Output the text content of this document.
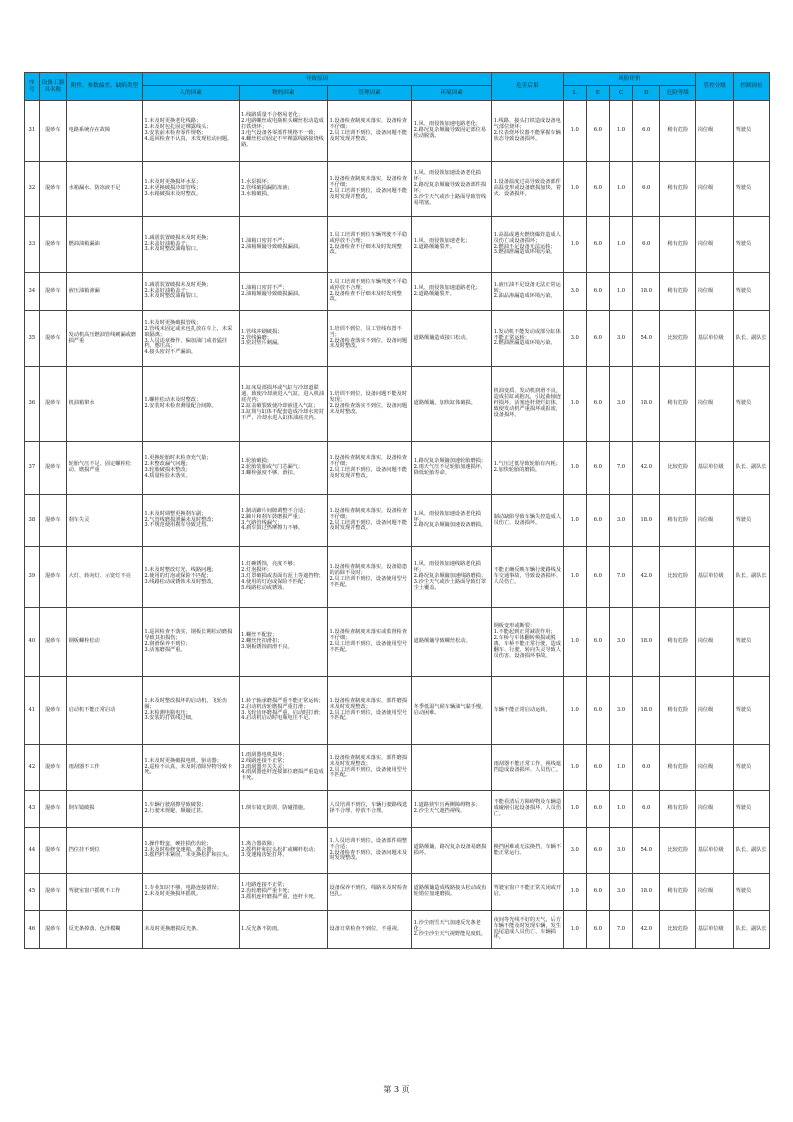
序号	设备工器具名称	附件、参数偏差、缺陷类型	导致原因				危害后果	风险评价					管控分级	控制岗位
			人的因素	物的因素	管理因素	环境因素		L	E	C	D	危险等级		

31	混砂车	电路系统存在故障	1.未及时更换老化线路；
2.未及时包扎固定裸露线头；
3.安装前未检查零件规格；
4.巡回检查不认真，未发现松动问题。	1.线路质量不合格易老化；
2.电路螺丝或电瓶桩头螺丝松动造成打铁烧坏；
3.电气设备各零部件规格不一致；
4.螺丝松动固定不牢裸露线路接烧线路。	1.设备检查制度未落实，设备检查不仔细；
2.员工培训不到位，设备问题不能及时发现并整改。	1.风、雨侵蚀加速电路老化；
2.路况复杂颠簸导致固定部位易松动脱落。	1.线路、接头打铁造成设备电气部位烧坏；
2.仪表烧坏仪器不能掌握车辆状态导致设备损坏。	1.0	6.0	1.0	6.0	稍有危险	岗位级	驾驶员

32	混砂车	水箱漏水、防冻液不足	1.未及时更换损坏水泵；
2.未更换破损冷却管线；
3.水箱破损未及时整改。	1.水泵损坏；
2.管线破损漏防冻液；
3.水箱破损。	1.设备检查制度未落实，设备检查不仔细；
2.员工培训不到位，设备问题不能及时发现并整改。	1.风、雨侵蚀加速设备老化损坏；
2.路况复杂颠簸导致设备部件损坏；
3.沙尘天气或沙土路面导致管线易堵塞。	1.设备温度过高导致设备部件高温变形或设备磨损加快、着火、设备损坏。	1.0	6.0	1.0	6.0	稍有危险	岗位级	驾驶员

33	混砂车	燃油油箱漏油	1.减震装置破损未及时更换；
2.未盖好油箱盖子；
3.未及时整改油箱裂口。	1.油箱口密封不严；
2.油箱颠簸导致破损漏油。	1.员工培训不到位车辆驾驶不平稳或停放不合理；
2.设备检查不仔细未及时发现整改。	1.风、雨侵蚀加速老化；
2.道路颠簸裂开。	1.高温或遇火燃烧爆炸造成人员伤亡或设备损坏；
2.燃油不足设备无法运转；
3.燃油泄漏造成环境污染。	1.0	6.0	1.0	6.0	稍有危险	岗位级	驾驶员

34	混砂车	液压油箱渗漏	1.减震装置破损未及时更换；
2.未盖好油箱盖子；
3.未及时整改油箱裂口。	1.油箱口密封不严；
2.油箱颠簸导致破损漏油。	1.员工培训不到位车辆驾驶不平稳或停放不合理；
2.设备检查不仔细未及时发现整改。	1.风、雨侵蚀加速道路老化；
2.道路颠簸裂开。	1.液压油不足设备无法正常运转；
2.油品渗漏造成环境污染。	3.0	6.0	1.0	18.0	稍有危险	岗位级	驾驶员

35	混砂车	发动机高压燃油管线刺漏或磨损严重	1.未及时更换破损管线；
2.管线未固定或未包扎放在车上，未采取隔离；
3.人员违章操作，偏加油门或者猛挂档，憋压高；
4.接头密封不严漏油。	1.管线冲刷破损；
2.管线偏磨；
3.密封垫片刺漏。	1.培训不到位，员工管线布置不当；
2.设备检查落实不到位，设备问题未及时整改。	道路颠簸造成接口松动。	1.发动机不能发动或部分缸体不能正常运转；
2.燃油泄漏造成环境污染。	3.0	6.0	3.0	54.0	比较危险	基层单位级	队长、副队长

36	混砂车	机油箱窜水	1.螺栓松动未及时整改；
2.安装时未检查测量配合间隙。	1.缸床局部损坏或气缸与冷却道联通，致使冷却液进入气缸，进入机油底壳内；
2.缸盖破裂致使冷却液进入气缸；
3.缸筒与缸体不配套造成冷却水密封不严，冷却水进入缸体油底壳内。	1.培训不到位，设备问题不能及时发现；
2.设备检查落实不到位，设备问题未及时整改。	道路颠簸，加快缸体破损。	机油变质，发动机润滑不良，造成拉缸或抱瓦，引起曲轴连杆损坏，活塞连杆烧烂缸体，致使发动机严重损坏或报废，设备损坏。	1.0	6.0	3.0	18.0	稍有危险	岗位级	驾驶员

37	混砂车	轮胎气压不足、固定螺栓松动、磨损严重	1.更换轮胎时未检查充气量；
2.未整改漏气问题；
3.轮胎破损未整改；
4.质量检验未落实。	1.轮胎破损；
2.轮胎装胎或气门芯漏气；
3.螺栓强度不够、滑扣。	1.设备检查制度未落实，设备检查不仔细；
2.员工培训不到位，设备问题不能及时发现并整改。	1.路况复杂颠簸加速轮胎磨损；
2.雨天气压不足轮胎加速损坏，降低轮胎寿命。	1.气压过低导致轮胎有内耗；
2.加快轮胎的磨损。	1.0	6.0	7.0	42.0	比较危险	基层单位级	队长、副队长

38	混砂车	刹车失灵	1.未及时调整更换刹车副；
2.气管线磨损泄漏未及时整改；
3.不规范使用刹车导致过热。	1.制动蹄片间隙调整不合适；
2.蹄片和刹车鼓磨损严重；
3.气路管线漏气；
4.刹车鼓过热摩擦力不够。	1.设备检查制度未落实，设备检查不仔细；
2.员工培训不到位，设备问题不能及时发现并整改。	1.风、雨侵蚀加速设备老化损坏；
2.路况复杂颠簸加速设备磨损。	制动缺陷导致车辆失控造成人员伤亡、设备损坏。	1.0	6.0	3.0	18.0	稍有危险	岗位级	驾驶员

39	混砂车	大灯、转向灯、示宽灯不亮	1.未及时整改灯光、线路问题；
2.使用的灯泡或保险不匹配；
3.线路松动或锈蚀未及时整改。	1.灯碗锈蚀，亮度不够；
2.灯泡损坏；
3.灯罩破损或表面有泥土等遮挡物；
4.使用的灯泡或保险不匹配；
5.线路松动或锈蚀。	1.设备检查制度未落实，设备隐患的消除不及时；
2.员工培训不到位，设备使用型号不匹配。	1.风、雨侵蚀加速线路老化损坏；
2.路况复杂颠簸加速线路磨损；
3.沙尘天气或沙土路面导致灯罩尘土覆盖。	不能正确反映车辆行驶路线及车交通事故，导致设备损坏、人员伤亡。	1.0	6.0	7.0	42.0	比较危险	基层单位级	队长、副队长

40	混砂车	钢板螺栓松动	1.巡回检查不落实，钢板长期松动磨损导致其扣损伤；
2.润滑保养不到位；
3.活塞磨损严重。	1.螺丝不配套；
2.螺丝丝扣滑扣；
3.钢板锈蚀润滑不良。	1.设备检查制度未落实或监督检查不仔细；
2.员工培训不到位，设备使用型号不匹配。	道路颠簸导致螺丝松动。	钢板变形或断裂：
1.不能起到正常减震作用；
2.车桥与车体翻转频损或脱离，车桥不能正常行驶，造成翻车、行驶、转向失灵导致人员伤害、设备损坏事故。	1.0	6.0	3.0	18.0	稍有危险	岗位级	驾驶员

41	混砂车	启动机不能正常启动	1.未及时整改损坏的启动机，飞轮齿圈；
2.未检测电瓶电压；
3.安装的打铁线过细。	1.转子轴承磨损严重不能正常运转；
2.启动机齿轮磨损严重打滑；
3.飞轮齿环磨损严重，启动时打滑；
4.启动机启动时电瓶电压不足。	1.设备检查制度未落实，部件磨损未及时发现整改；
2.员工培训不到位，设备使用型号不匹配。	冬季低温气候车辆油气黏手慢，启动困难。	车辆不能正常启动运转。	1.0	6.0	3.0	18.0	稍有危险	岗位级	驾驶员

42	混砂车	雨刮器不工作	1.未及时更换破损电机、驱动器；
2.巡检不认真，未及时清除异物导致卡死。	1.雨刮器电机损坏；
2.线路连接不正常；
3.雨刮器开关失灵；
4.雨刮器连杆连接部位磨损严重造成卡死。	1.设备检查制度未落实，部件磨损未及时发现整改；
2.员工培训不到位，设备使用型号不匹配。		雨刮器不能正常工作，视线遮挡造成设备损坏、人员伤亡。	1.0	6.0	1.0	6.0	稍有危险	岗位级	驾驶员

43	混砂车	倒车镜破损	1.车辆行驶刮擦导致破裂；
2.行驶未规避，颠簸过甚。	1.倒车镜无防震、防碰措施。	人员培训不到位，车辆行驶路线选择不合理，停放不合理。	1.道路狭窄且两侧障碍物多；
2.沙尘天气遮挡视线。	不能看清后方障碍物及车辆造成碰剐引起设备损坏、人员伤亡。	1.0	6.0	1.0	6.0	稍有危险	岗位级	驾驶员

44	混砂车	挡位挂不到位	1.操作野蛮，硬挂损伤齿轮；
2.未及时检修变速箱、离合器；
3.摇档杆未紧固，未更换松扩和拉头。	1.离合器故障；
2.摇档杆和拉头松扩或螺杆松动；
3.变速箱齿轮打坏。	1.人员培训不到位。设备部件调整不合适；
2.设备检查不到位，设备问题未及时发现整改。	道路颠簸，路况复杂设备易磨损损坏。	换挡困难或无法换挡，车辆不能正常运行。	3.0	6.0	3.0	54.0	比较危险	基层单位级	队长、副队长

45	混砂车	驾驶室窗户摇机不工作	1.专业知识不够，电路连接错误；
2.未及时更换损坏摇机。	1.电路连接不正常；
2.齿轮磨损严重卡死；
3.摇机连杆磨损严重，连杆卡死。	设备保养不到位，线路未及时检查包扎。	道路颠簸造成线路接头松动或齿轮错位加速磨损。	驾驶室窗户不能正常关闭或开启。	1.0	6.0	3.0	18.0	稍有危险	岗位级	驾驶员

46	混砂车	反光条掉落、色泽模糊	未及时更换磨损反光条。	1.反光条不防雨。	设备日常检查不到位，不重视。	1.沙尘雨雪天气加速反光条老化；
2.沙尘沙尘天气视野能见度低。	夜间等光线不好的天气，后方车辆不能及时发现车辆，发生追尾造成人员伤亡、车辆损坏。	1.0	6.0	7.0	42.0	比较危险	基层单位级	队长、副队长
第 3 页
